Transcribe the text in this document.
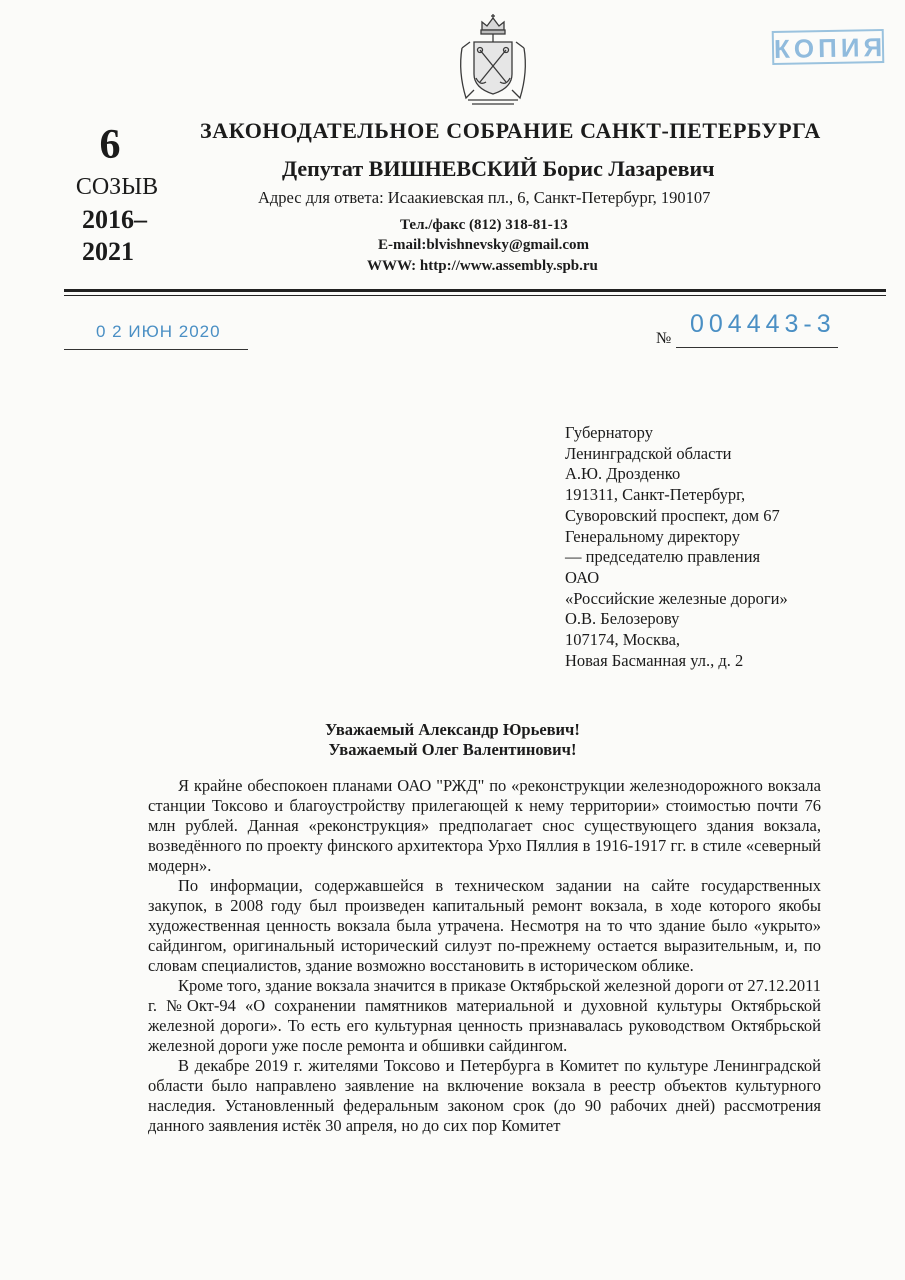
КОПИЯ
6
СОЗЫВ
2016–
2021
ЗАКОНОДАТЕЛЬНОЕ СОБРАНИЕ САНКТ-ПЕТЕРБУРГА
Депутат ВИШНЕВСКИЙ Борис Лазаревич
Адрес для ответа: Исаакиевская пл., 6, Санкт-Петербург, 190107
Тел./факс (812) 318-81-13
E-mail:blvishnevsky@gmail.com
WWW: http://www.assembly.spb.ru
0 2 ИЮН 2020	№
004443-3
Губернатору
Ленинградской области
А.Ю. Дрозденко
191311, Санкт-Петербург,
Суворовский проспект, дом 67
Генеральному директору
— председателю правления
ОАО
«Российские железные дороги»
О.В. Белозерову
107174, Москва,
Новая Басманная ул., д. 2
Уважаемый Александр Юрьевич!
Уважаемый Олег Валентинович!

Я крайне обеспокоен планами ОАО "РЖД" по «реконструкции железнодорожного вокзала станции Токсово и благоустройству прилегающей к нему территории» стоимостью почти 76 млн рублей. Данная «реконструкция» предполагает снос существующего здания вокзала, возведённого по проекту финского архитектора Урхо Пяллия в 1916-1917 гг. в стиле «северный модерн».

По информации, содержавшейся в техническом задании на сайте государственных закупок, в 2008 году был произведен капитальный ремонт вокзала, в ходе которого якобы художественная ценность вокзала была утрачена. Несмотря на то что здание было «укрыто» сайдингом, оригинальный исторический силуэт по-прежнему остается выразительным, и, по словам специалистов, здание возможно восстановить в историческом облике.

Кроме того, здание вокзала значится в приказе Октябрьской железной дороги от 27.12.2011 г. №Окт-94 «О сохранении памятников материальной и духовной культуры Октябрьской железной дороги». То есть его культурная ценность признавалась руководством Октябрьской железной дороги уже после ремонта и обшивки сайдингом.

В декабре 2019 г. жителями Токсово и Петербурга в Комитет по культуре Ленинградской области было направлено заявление на включение вокзала в реестр объектов культурного наследия. Установленный федеральным законом срок (до 90 рабочих дней) рассмотрения данного заявления истёк 30 апреля, но до сих пор Комитет
